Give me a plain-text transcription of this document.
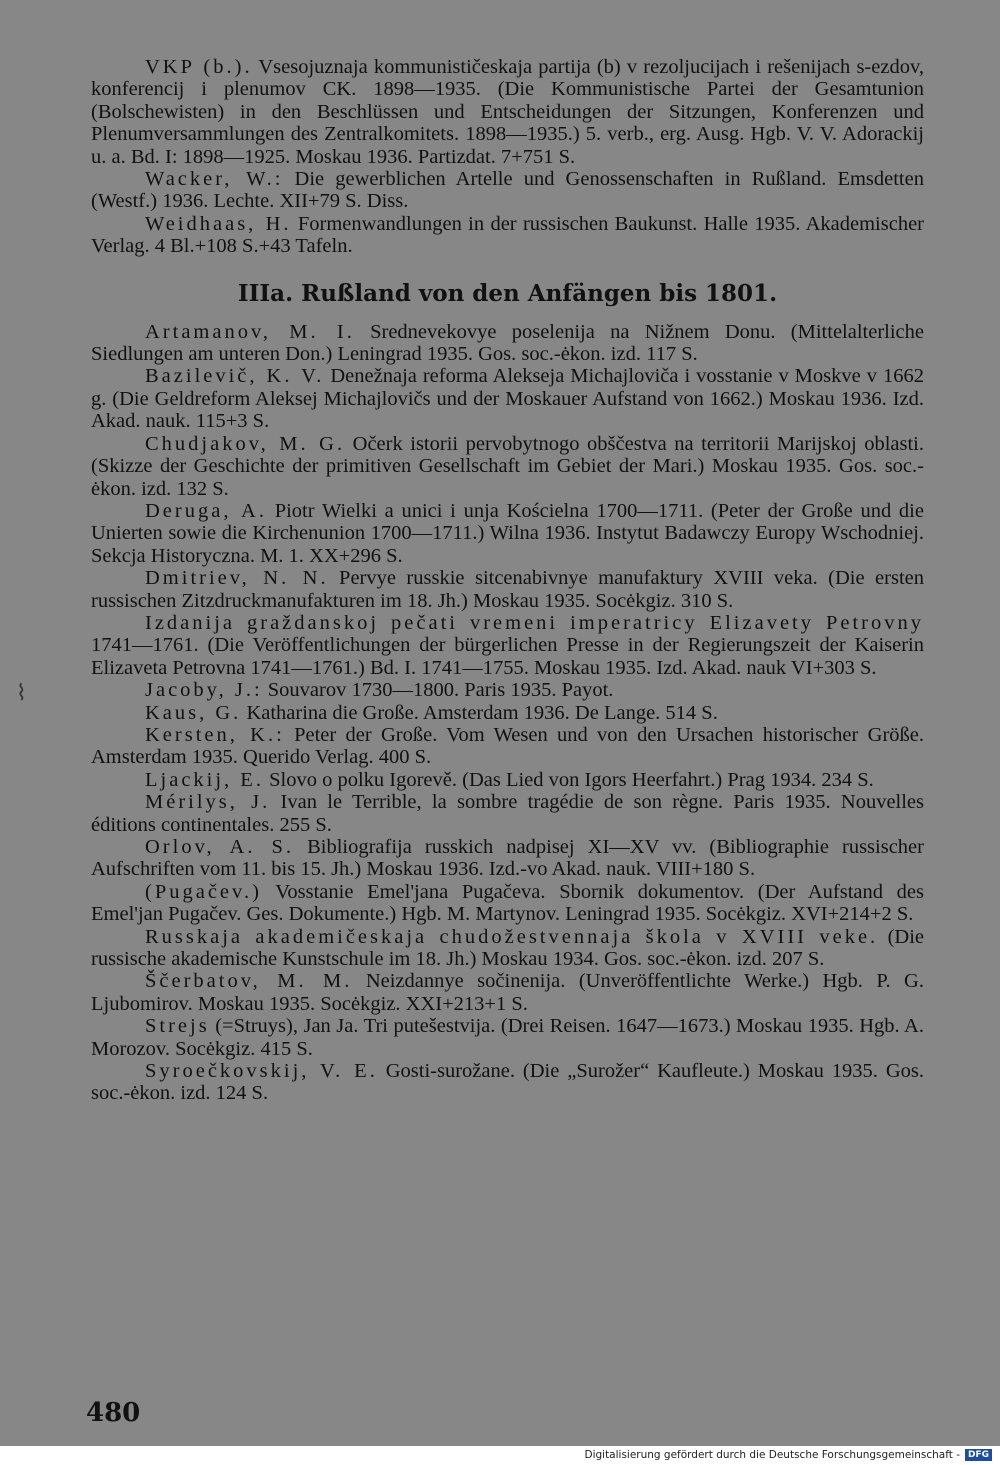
VKP (b.). Vsesojuznaja kommunističeskaja partija (b) v rezoljucijach i rešenijach s-ezdov, konferencij i plenumov CK. 1898—1935. (Die Kommunistische Partei der Gesamtunion (Bolschewisten) in den Beschlüssen und Entscheidungen der Sitzungen, Konferenzen und Plenumversammlungen des Zentralkomitets. 1898—1935.) 5. verb., erg. Ausg. Hgb. V. V. Adorackij u. a. Bd. I: 1898—1925. Moskau 1936. Partizdat. 7+751 S.
Wacker, W.: Die gewerblichen Artelle und Genossenschaften in Rußland. Emsdetten (Westf.) 1936. Lechte. XII+79 S. Diss.
Weidhaas, H. Formenwandlungen in der russischen Baukunst. Halle 1935. Akademischer Verlag. 4 Bl.+108 S.+43 Tafeln.
IIIa. Rußland von den Anfängen bis 1801.
Artamanov, M. I. Srednevekovye poselenija na Nižnem Donu. (Mittelalterliche Siedlungen am unteren Don.) Leningrad 1935. Gos. soc.-ėkon. izd. 117 S.
Bazilevič, K. V. Denežnaja reforma Alekseja Michajloviča i vosstanie v Moskve v 1662 g. (Die Geldreform Aleksej Michajlovičs und der Moskauer Aufstand von 1662.) Moskau 1936. Izd. Akad. nauk. 115+3 S.
Chudjakov, M. G. Očerk istorii pervobytnogo obščestva na territorii Marijskoj oblasti. (Skizze der Geschichte der primitiven Gesellschaft im Gebiet der Mari.) Moskau 1935. Gos. soc.-ėkon. izd. 132 S.
Deruga, A. Piotr Wielki a unici i unja Kościelna 1700—1711. (Peter der Große und die Unierten sowie die Kirchenunion 1700—1711.) Wilna 1936. Instytut Badawczy Europy Wschodniej. Sekcja Historyczna. M. 1. XX+296 S.
Dmitriev, N. N. Pervye russkie sitcenabivnye manufaktury XVIII veka. (Die ersten russischen Zitzdruckmanufakturen im 18. Jh.) Moskau 1935. Socėkgiz. 310 S.
Izdanija graždanskoj pečati vremeni imperatricy Elizavety Petrovny 1741—1761. (Die Veröffentlichungen der bürgerlichen Presse in der Regierungszeit der Kaiserin Elizaveta Petrovna 1741—1761.) Bd. I. 1741—1755. Moskau 1935. Izd. Akad. nauk VI+303 S.
Jacoby, J.: Souvarov 1730—1800. Paris 1935. Payot.
Kaus, G. Katharina die Große. Amsterdam 1936. De Lange. 514 S.
Kersten, K.: Peter der Große. Vom Wesen und von den Ursachen historischer Größe. Amsterdam 1935. Querido Verlag. 400 S.
Ljackij, E. Slovo o polku Igorevě. (Das Lied von Igors Heerfahrt.) Prag 1934. 234 S.
Mérilys, J. Ivan le Terrible, la sombre tragédie de son règne. Paris 1935. Nouvelles éditions continentales. 255 S.
Orlov, A. S. Bibliografija russkich nadpisej XI—XV vv. (Bibliographie russischer Aufschriften vom 11. bis 15. Jh.) Moskau 1936. Izd.-vo Akad. nauk. VIII+180 S.
(Pugačev.) Vosstanie Emel'jana Pugačeva. Sbornik dokumentov. (Der Aufstand des Emel'jan Pugačev. Ges. Dokumente.) Hgb. M. Martynov. Leningrad 1935. Socėkgiz. XVI+214+2 S.
Russkaja akademičeskaja chudožestvennaja škola v XVIII veke. (Die russische akademische Kunstschule im 18. Jh.) Moskau 1934. Gos. soc.-ėkon. izd. 207 S.
Ščerbatov, M. M. Neizdannye sočinenija. (Unveröffentlichte Werke.) Hgb. P. G. Ljubomirov. Moskau 1935. Socėkgiz. XXI+213+1 S.
Strejs (=Struys), Jan Ja. Tri putešestvija. (Drei Reisen. 1647—1673.) Moskau 1935. Hgb. A. Morozov. Socėkgiz. 415 S.
Syroečkovskij, V. E. Gosti-surožane. (Die „Surožer“ Kaufleute.) Moskau 1935. Gos. soc.-ėkon. izd. 124 S.
⌇
480
Digitalisierung gefördert durch die Deutsche Forschungsgemeinschaft - DFG
